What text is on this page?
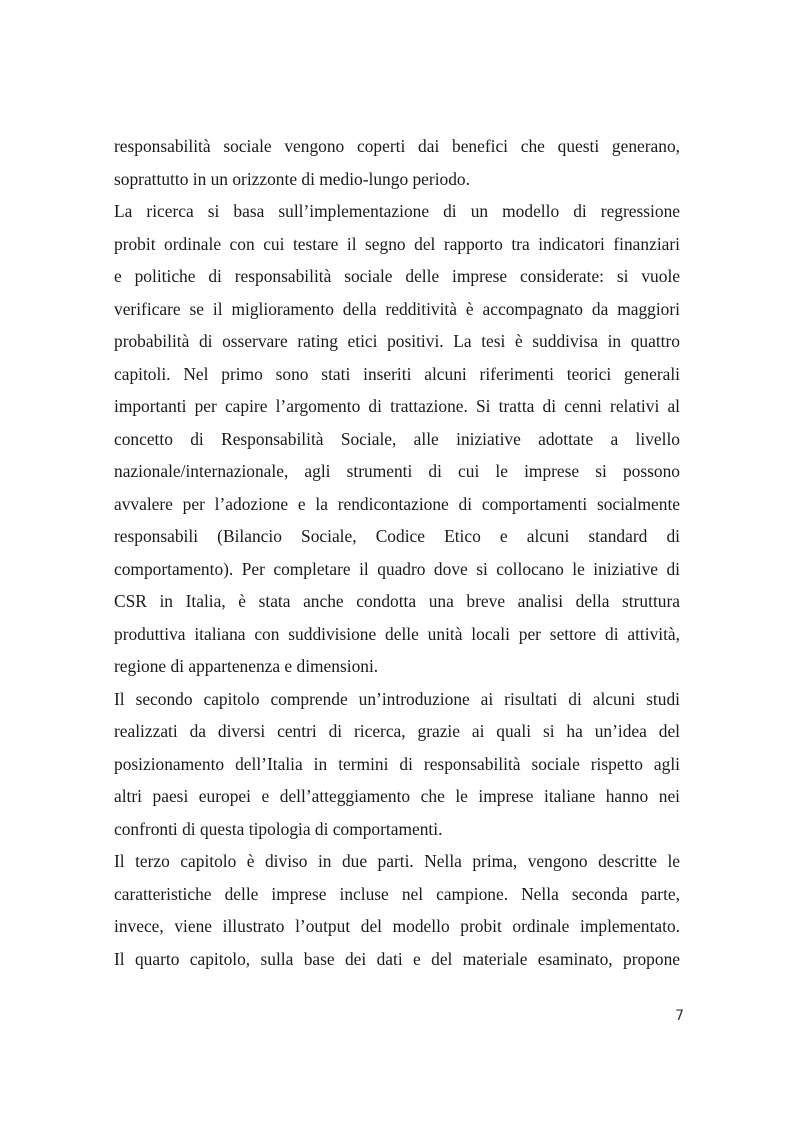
responsabilità sociale vengono coperti dai benefici che questi generano,
soprattutto in un orizzonte di medio-lungo periodo.
La ricerca si basa sull’implementazione di un modello di regressione
probit ordinale con cui testare il segno del rapporto tra indicatori finanziari
e politiche di responsabilità sociale delle imprese considerate: si vuole
verificare se il miglioramento della redditività è accompagnato da maggiori
probabilità di osservare rating etici positivi. La tesi è suddivisa in quattro
capitoli. Nel primo sono stati inseriti alcuni riferimenti teorici generali
importanti per capire l’argomento di trattazione. Si tratta di cenni relativi al
concetto di Responsabilità Sociale, alle iniziative adottate a livello
nazionale/internazionale, agli strumenti di cui le imprese si possono
avvalere per l’adozione e la rendicontazione di comportamenti socialmente
responsabili (Bilancio Sociale, Codice Etico e alcuni standard di
comportamento). Per completare il quadro dove si collocano le iniziative di
CSR in Italia, è stata anche condotta una breve analisi della struttura
produttiva italiana con suddivisione delle unità locali per settore di attività,
regione di appartenenza e dimensioni.
Il secondo capitolo comprende un’introduzione ai risultati di alcuni studi
realizzati da diversi centri di ricerca, grazie ai quali si ha un’idea del
posizionamento dell’Italia in termini di responsabilità sociale rispetto agli
altri paesi europei e dell’atteggiamento che le imprese italiane hanno nei
confronti di questa tipologia di comportamenti.
Il terzo capitolo è diviso in due parti. Nella prima, vengono descritte le
caratteristiche delle imprese incluse nel campione. Nella seconda parte,
invece, viene illustrato l’output del modello probit ordinale implementato.
Il quarto capitolo, sulla base dei dati e del materiale esaminato, propone
7
